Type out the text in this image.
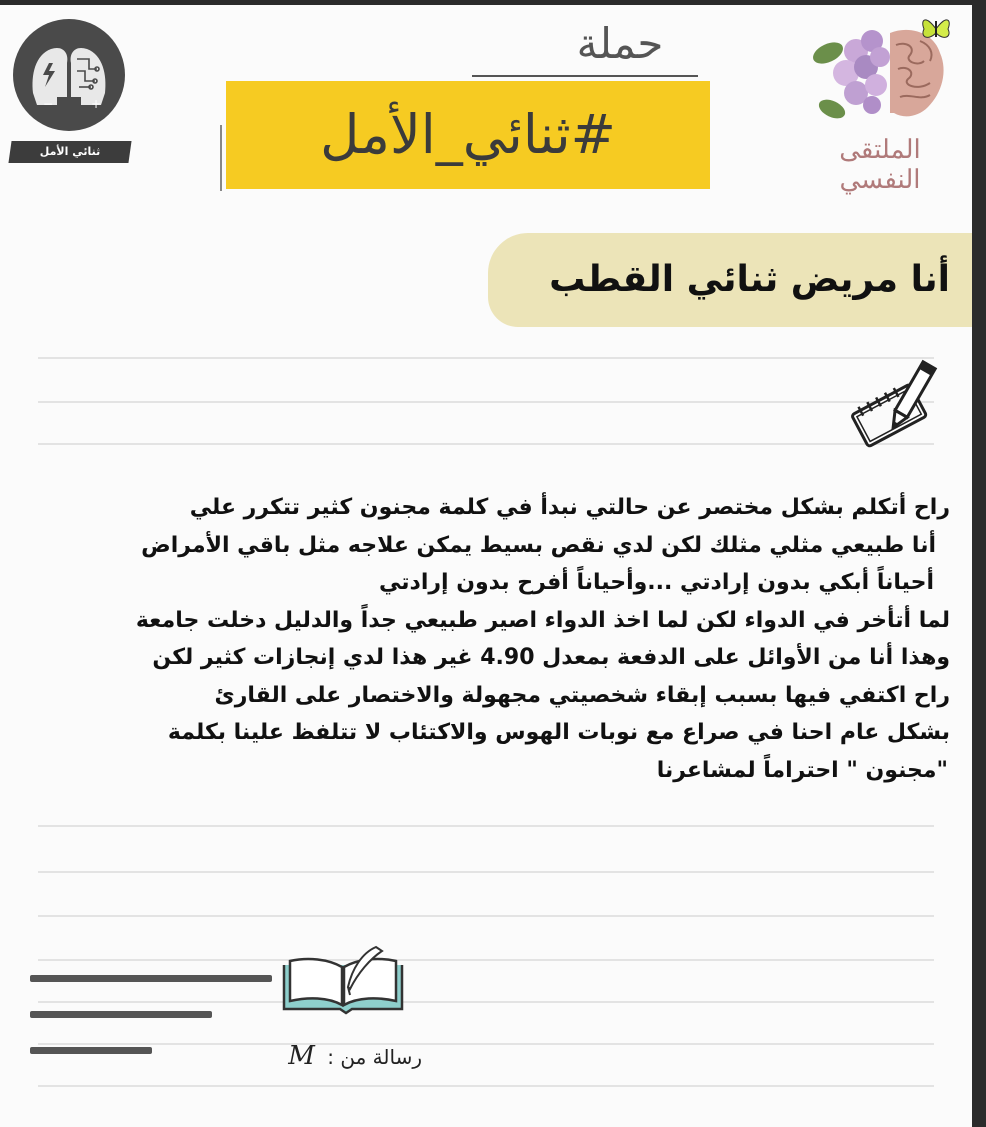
−	+
ثنائي الأمل
حملة
#ثنائي_الأمل	الملتقى النفسي
أنا مريض ثنائي القطب
راح أتكلم بشكل مختصر عن حالتي نبدأ في كلمة مجنون كثير تتكرر علي
أنا طبيعي مثلي مثلك لكن لدي نقص بسيط يمكن علاجه مثل باقي الأمراض
أحياناً أبكي بدون إرادتي ...وأحياناً أفرح بدون إرادتي
لما أتأخر في الدواء لكن لما اخذ الدواء اصير طبيعي جداً والدليل دخلت جامعة
وهذا أنا من الأوائل على الدفعة بمعدل 4.90 غير هذا لدي إنجازات كثير لكن
راح اكتفي فيها بسبب إبقاء شخصيتي مجهولة والاختصار على القارئ
بشكل عام احنا في صراع مع نوبات الهوس والاكتئاب لا تتلفظ علينا بكلمة
"مجنون " احتراماً لمشاعرنا
رسالة من : M
